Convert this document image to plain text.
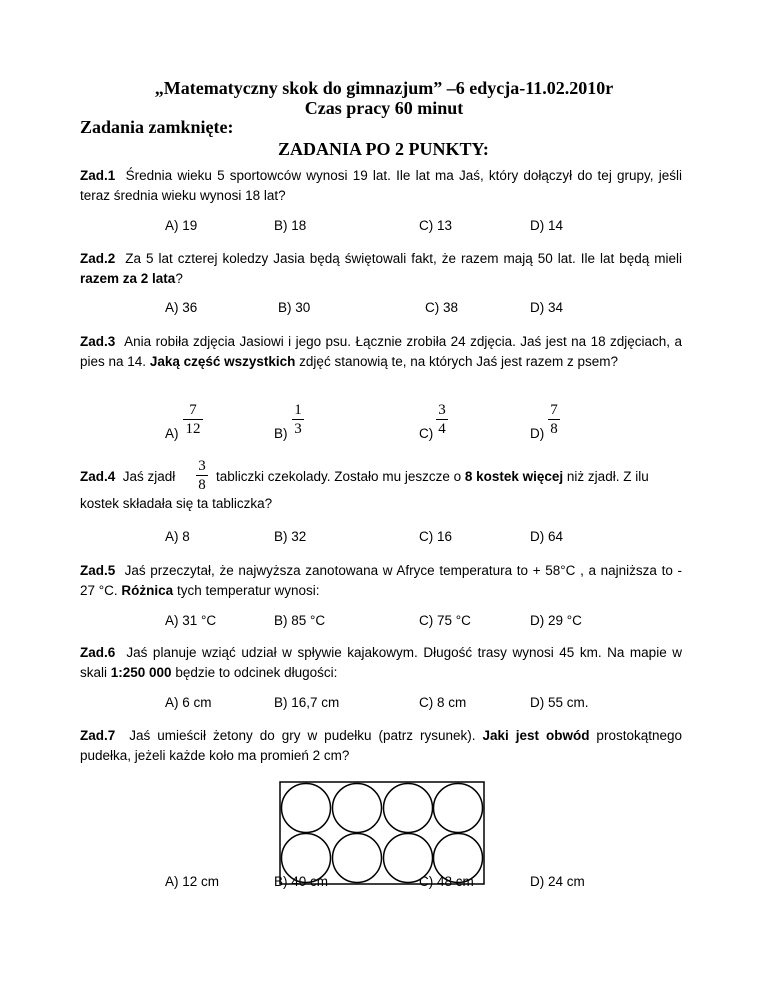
„Matematyczny skok do gimnazjum” –6 edycja-11.02.2010r
Czas pracy 60 minut
Zadania zamknięte:
ZADANIA PO 2 PUNKTY:

Zad.1 Średnia wieku 5 sportowców wynosi 19 lat. Ile lat ma Jaś, który dołączył do tej grupy, jeśli teraz średnia wieku wynosi 18 lat?

A) 19	B) 18	C) 13	D) 14

Zad.2 Za 5 lat czterej koledzy Jasia będą świętowali fakt, że razem mają 50 lat. Ile lat będą mieli razem za 2 lata?

A) 36	B) 30	C) 38	D) 34

Zad.3 Ania robiła zdjęcia Jasiowi i jego psu. Łącznie zrobiła 24 zdjęcia. Jaś jest na 18 zdjęciach, a pies na 14. Jaką część wszystkich zdjęć stanowią te, na których Jaś jest razem z psem?

A)
7
12	B)
1
3	C)
3
4	D)
7
8
Zad.4 Jaś zjadł
3
8
tabliczki czekolady. Zostało mu jeszcze o 8 kostek więcej niż zjadł. Z ilu
kostek składała się ta tabliczka?
A) 8	B) 32	C) 16	D) 64

Zad.5 Jaś przeczytał, że najwyższa zanotowana w Afryce temperatura to + 58°C , a najniższa to - 27 °C. Różnica tych temperatur wynosi:

A) 31 °C	B) 85 °C	C) 75 °C	D) 29 °C

Zad.6 Jaś planuje wziąć udział w spływie kajakowym. Długość trasy wynosi 45 km. Na mapie w skali 1:250 000 będzie to odcinek długości:

A) 6 cm	B) 16,7 cm	C) 8 cm	D) 55 cm.

Zad.7 Jaś umieścił żetony do gry w pudełku (patrz rysunek). Jaki jest obwód prostokątnego pudełka, jeżeli każde koło ma promień 2 cm?

A) 12 cm	B) 40 cm	C) 48 cm	D) 24 cm
